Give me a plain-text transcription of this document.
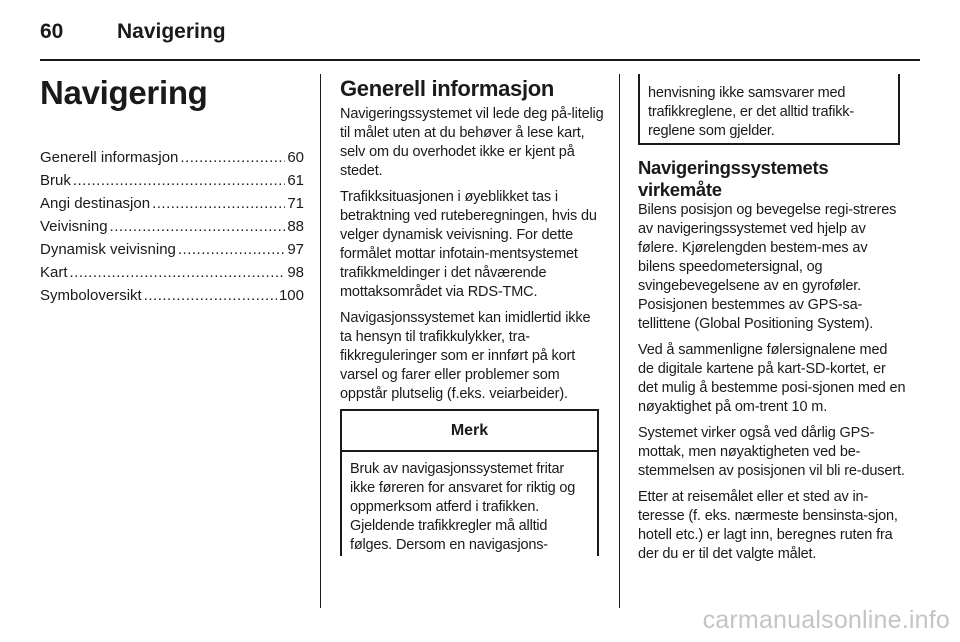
60	Navigering
Navigering
Generell informasjon .....	60
Bruk .....	61
Angi destinasjon .....	71
Veivisning .....	88
Dynamisk veivisning .....	97
Kart .....	98
Symboloversikt .....	100
Generell informasjon

Navigeringssystemet vil lede deg på-litelig til målet uten at du behøver å lese kart, selv om du overhodet ikke er kjent på stedet.

Trafikksituasjonen i øyeblikket tas i betraktning ved ruteberegningen, hvis du velger dynamisk veivisning. For dette formålet mottar infotain-mentsystemet trafikkmeldinger i det nåværende mottaksområdet via RDS-TMC.

Navigasjonssystemet kan imidlertid ikke ta hensyn til trafikkulykker, tra-fikkreguleringer som er innført på kort varsel og farer eller problemer som oppstår plutselig (f.eks. veiarbeider).

Merk
Bruk av navigasjonssystemet fritar ikke føreren for ansvaret for riktig og oppmerksom atferd i trafikken. Gjeldende trafikkregler må alltid følges. Dersom en navigasjons-
henvisning ikke samsvarer med trafikkreglene, er det alltid trafikk-reglene som gjelder.
Navigeringssystemets
virkemåte

Bilens posisjon og bevegelse regi-streres av navigeringssystemet ved hjelp av følere. Kjørelengden bestem-mes av bilens speedometersignal, og svingebevegelsene av en gyroføler. Posisjonen bestemmes av GPS-sa-tellittene (Global Positioning System).

Ved å sammenligne følersignalene med de digitale kartene på kart-SD-kortet, er det mulig å bestemme posi-sjonen med en nøyaktighet på om-trent 10 m.

Systemet virker også ved dårlig GPS-mottak, men nøyaktigheten ved be-stemmelsen av posisjonen vil bli re-dusert.

Etter at reisemålet eller et sted av in-teresse (f. eks. nærmeste bensinsta-sjon, hotell etc.) er lagt inn, beregnes ruten fra der du er til det valgte målet.

carmanualsonline.info
